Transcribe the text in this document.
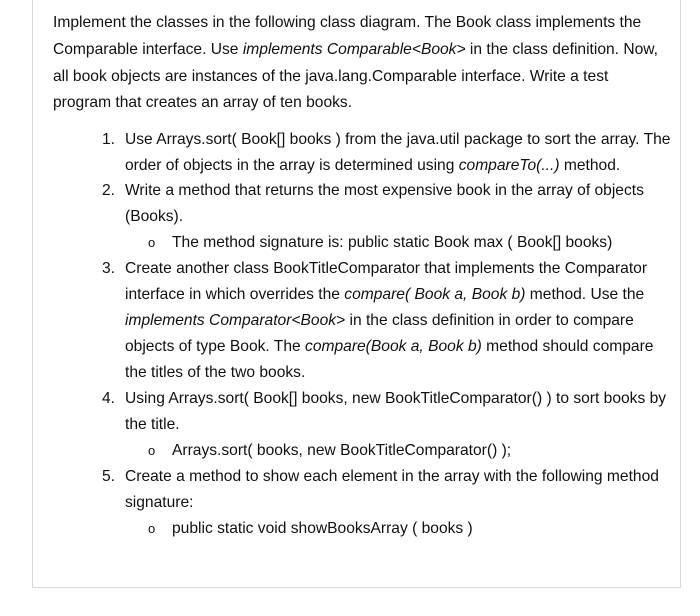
Implement the classes in the following class diagram. The Book class implements the Comparable interface. Use implements Comparable<Book> in the class definition. Now, all book objects are instances of the java.lang.Comparable interface. Write a test program that creates an array of ten books.

1. Use Arrays.sort( Book[] books ) from the java.util package to sort the array. The order of objects in the array is determined using compareTo(...) method.
2. Write a method that returns the most expensive book in the array of objects (Books).
o The method signature is: public static Book max ( Book[] books)
3. Create another class BookTitleComparator that implements the Comparator interface in which overrides the compare( Book a, Book b) method. Use the implements Comparator<Book> in the class definition in order to compare objects of type Book. The compare(Book a, Book b) method should compare the titles of the two books.
4. Using Arrays.sort( Book[] books, new BookTitleComparator() ) to sort books by the title.
o Arrays.sort( books, new BookTitleComparator() );
5. Create a method to show each element in the array with the following method signature:
o public static void showBooksArray ( books )
